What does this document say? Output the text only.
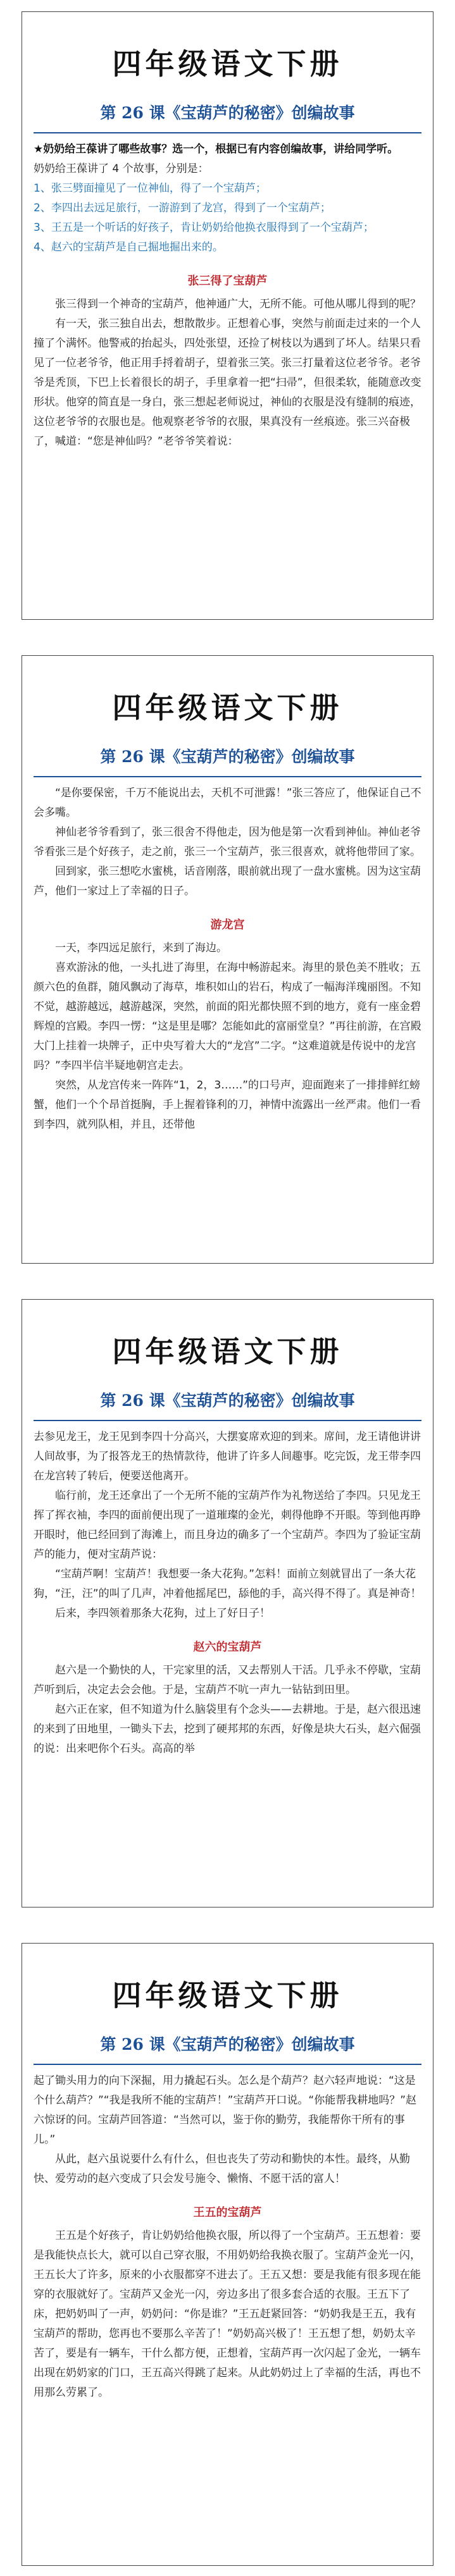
四年级语文下册
第 26 课《宝葫芦的秘密》创编故事

★奶奶给王葆讲了哪些故事？选一个，根据已有内容创编故事，讲给同学听。

奶奶给王葆讲了 4 个故事，分别是：

1、张三劈面撞见了一位神仙，得了一个宝葫芦；

2、李四出去远足旅行，一游游到了龙宫，得到了一个宝葫芦；

3、王五是一个听话的好孩子，肯让奶奶给他换衣服得到了一个宝葫芦；

4、赵六的宝葫芦是自己掘地掘出来的。

张三得了宝葫芦

张三得到一个神奇的宝葫芦，他神通广大，无所不能。可他从哪儿得到的呢？

有一天，张三独自出去，想散散步。正想着心事，突然与前面走过来的一个人撞了个满怀。他警戒的抬起头，四处张望，还捡了树枝以为遇到了坏人。结果只看见了一位老爷爷，他正用手捋着胡子，望着张三笑。张三打量着这位老爷爷。老爷爷是秃顶，下巴上长着很长的胡子，手里拿着一把“扫帚”，但很柔软，能随意改变形状。他穿的简直是一身白，张三想起老师说过，神仙的衣服是没有缝制的痕迹，这位老爷爷的衣服也是。他观察老爷爷的衣服，果真没有一丝痕迹。张三兴奋极了，喊道：“您是神仙吗？”老爷爷笑着说：

四年级语文下册
第 26 课《宝葫芦的秘密》创编故事

“是你要保密，千万不能说出去，天机不可泄露！”张三答应了，他保证自己不会多嘴。

神仙老爷爷看到了，张三很舍不得他走，因为他是第一次看到神仙。神仙老爷爷看张三是个好孩子，走之前，张三一个宝葫芦，张三很喜欢，就将他带回了家。

回到家，张三想吃水蜜桃，话音刚落，眼前就出现了一盘水蜜桃。因为这宝葫芦，他们一家过上了幸福的日子。

游龙宫

一天，李四远足旅行，来到了海边。

喜欢游泳的他，一头扎进了海里，在海中畅游起来。海里的景色美不胜收；五颜六色的鱼群，随风飘动了海草，堆积如山的岩石，构成了一幅海洋瑰丽图。不知不觉，越游越远，越游越深，突然，前面的阳光都快照不到的地方，竟有一座金碧辉煌的宫殿。李四一愣：“这是里是哪？怎能如此的富丽堂皇？”再往前游，在宫殿大门上挂着一块牌子，正中央写着大大的“龙宫”二字。“这难道就是传说中的龙宫吗？”李四半信半疑地朝宫走去。

突然，从龙宫传来一阵阵“1，2，3……”的口号声，迎面跑来了一排排鲜红螃蟹，他们一个个昂首挺胸，手上握着锋利的刀，神情中流露出一丝严肃。他们一看到李四，就列队相，并且，还带他

四年级语文下册
第 26 课《宝葫芦的秘密》创编故事

去参见龙王，龙王见到李四十分高兴，大摆宴席欢迎的到来。席间，龙王请他讲讲人间故事，为了报答龙王的热情款待，他讲了许多人间趣事。吃完饭，龙王带李四在龙宫转了转后，便要送他离开。

临行前，龙王还拿出了一个无所不能的宝葫芦作为礼物送给了李四。只见龙王挥了挥衣袖，李四的面前便出现了一道璀璨的金光，刺得他睁不开眼。等到他再睁开眼时，他已经回到了海滩上，而且身边的确多了一个宝葫芦。李四为了验证宝葫芦的能力，便对宝葫芦说：

“宝葫芦啊！宝葫芦！我想要一条大花狗。”怎料！面前立刻就冒出了一条大花狗，“汪，汪”的叫了几声，冲着他摇尾巴，舔他的手，高兴得不得了。真是神奇！

后来，李四领着那条大花狗，过上了好日子！

赵六的宝葫芦

赵六是一个勤快的人，干完家里的活，又去帮别人干活。几乎永不停歇，宝葫芦听到后，决定去会会他。于是，宝葫芦不吭一声九一钻钻到田里。

赵六正在家，但不知道为什么脑袋里有个念头——去耕地。于是，赵六很迅速的来到了田地里，一锄头下去，挖到了硬邦邦的东西，好像是块大石头，赵六倔强的说：出来吧你个石头。高高的举

四年级语文下册
第 26 课《宝葫芦的秘密》创编故事

起了锄头用力的向下深掘，用力撬起石头。怎么是个葫芦？赵六轻声地说：“这是个什么葫芦？”“我是我所不能的宝葫芦！”宝葫芦开口说。“你能帮我耕地吗？”赵六惊讶的问。宝葫芦回答道：“当然可以，鉴于你的勤劳，我能帮你干所有的事儿。”

从此，赵六虽说要什么有什么，但也丧失了劳动和勤快的本性。最终，从勤快、爱劳动的赵六变成了只会发号施令、懒惰、不愿干活的富人！

王五的宝葫芦

王五是个好孩子，肯让奶奶给他换衣服，所以得了一个宝葫芦。王五想着：要是我能快点长大，就可以自己穿衣服，不用奶奶给我换衣服了。宝葫芦金光一闪，王五长大了许多，原来的小衣服都穿不进去了。王五又想：要是我能有很多现在能穿的衣服就好了。宝葫芦又金光一闪，旁边多出了很多套合适的衣服。王五下了床，把奶奶叫了一声，奶奶问：“你是谁？”王五赶紧回答：“奶奶我是王五，我有宝葫芦的帮助，您再也不要那么辛苦了！”奶奶高兴极了！王五想了想，奶奶太辛苦了，要是有一辆车，干什么都方便，正想着，宝葫芦再一次闪起了金光，一辆车出现在奶奶家的门口，王五高兴得跳了起来。从此奶奶过上了幸福的生活，再也不用那么劳累了。
